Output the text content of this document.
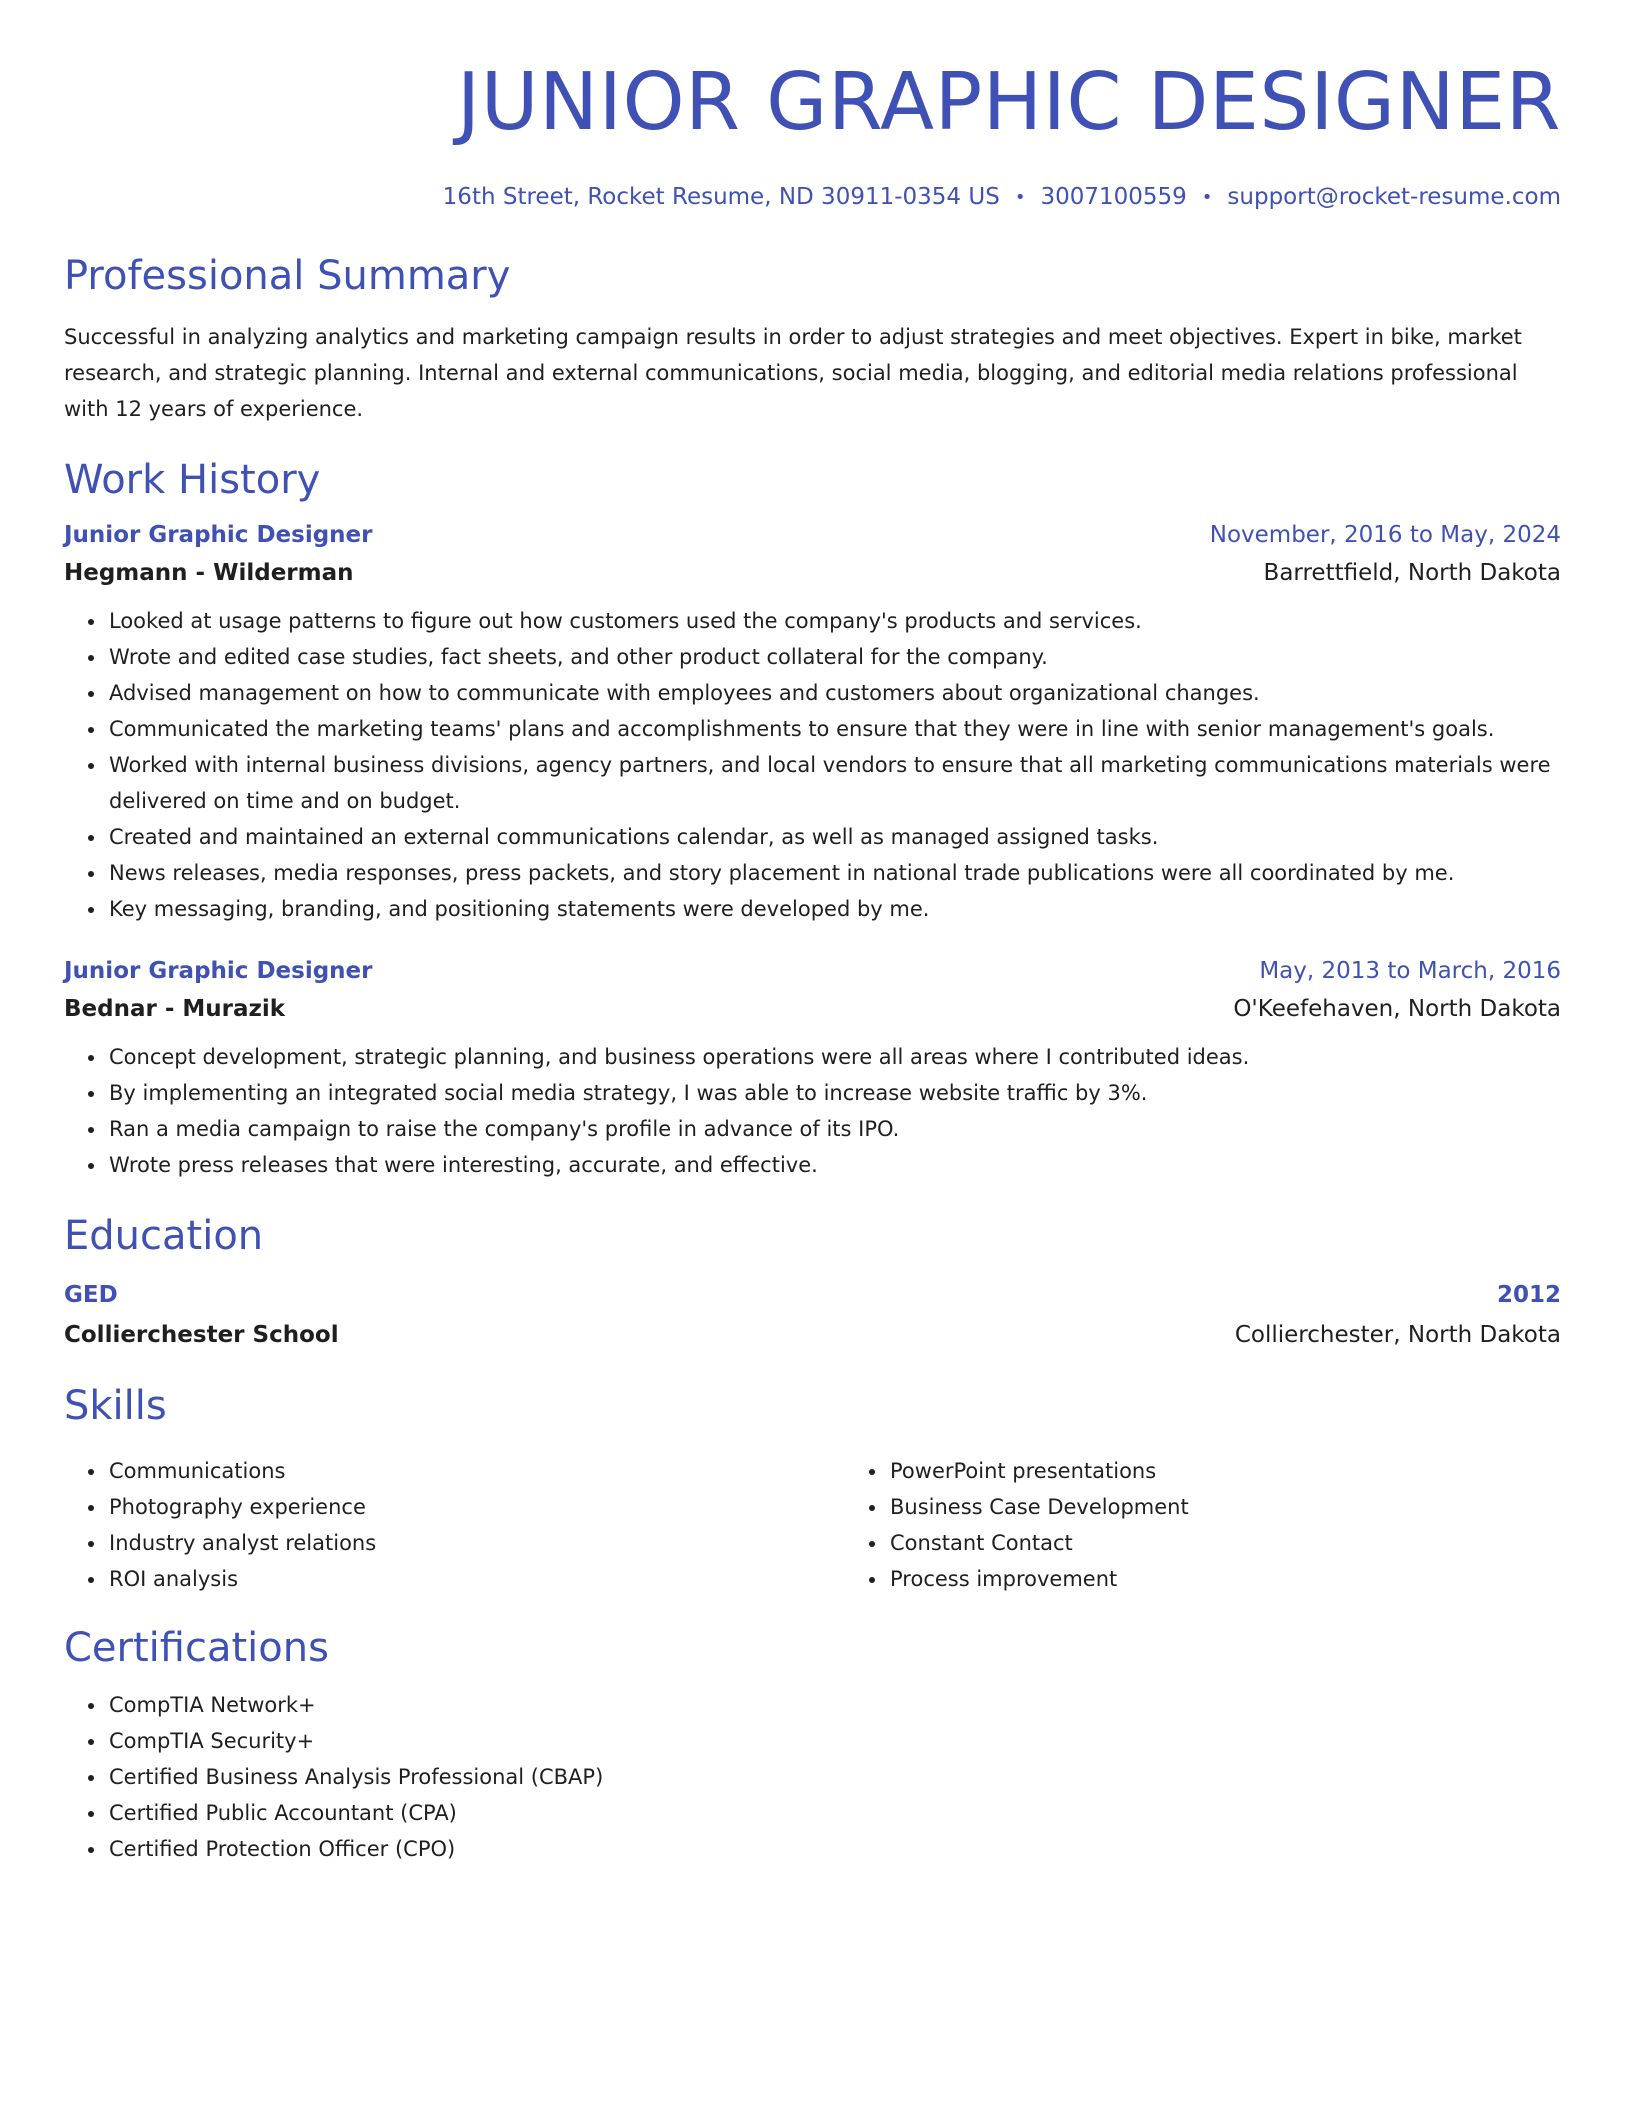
JUNIOR GRAPHIC DESIGNER
16th Street, Rocket Resume, ND 30911-0354 US • 3007100559 • support@rocket-resume.com
Professional Summary
Successful in analyzing analytics and marketing campaign results in order to adjust strategies and meet objectives. Expert in bike, market research, and strategic planning. Internal and external communications, social media, blogging, and editorial media relations professional with 12 years of experience.
Work History
Junior Graphic Designer	November, 2016 to May, 2024
Hegmann - Wilderman	Barrettfield, North Dakota
• Looked at usage patterns to figure out how customers used the company's products and services.
• Wrote and edited case studies, fact sheets, and other product collateral for the company.
• Advised management on how to communicate with employees and customers about organizational changes.
• Communicated the marketing teams' plans and accomplishments to ensure that they were in line with senior management's goals.
• Worked with internal business divisions, agency partners, and local vendors to ensure that all marketing communications materials were delivered on time and on budget.
• Created and maintained an external communications calendar, as well as managed assigned tasks.
• News releases, media responses, press packets, and story placement in national trade publications were all coordinated by me.
• Key messaging, branding, and positioning statements were developed by me.
Junior Graphic Designer	May, 2013 to March, 2016
Bednar - Murazik	O'Keefehaven, North Dakota
• Concept development, strategic planning, and business operations were all areas where I contributed ideas.
• By implementing an integrated social media strategy, I was able to increase website traffic by 3%.
• Ran a media campaign to raise the company's profile in advance of its IPO.
• Wrote press releases that were interesting, accurate, and effective.
Education
GED	2012
Collierchester School	Collierchester, North Dakota
Skills
• Communications
• Photography experience
• Industry analyst relations
• ROI analysis
• PowerPoint presentations
• Business Case Development
• Constant Contact
• Process improvement
Certifications
• CompTIA Network+
• CompTIA Security+
• Certified Business Analysis Professional (CBAP)
• Certified Public Accountant (CPA)
• Certified Protection Officer (CPO)
